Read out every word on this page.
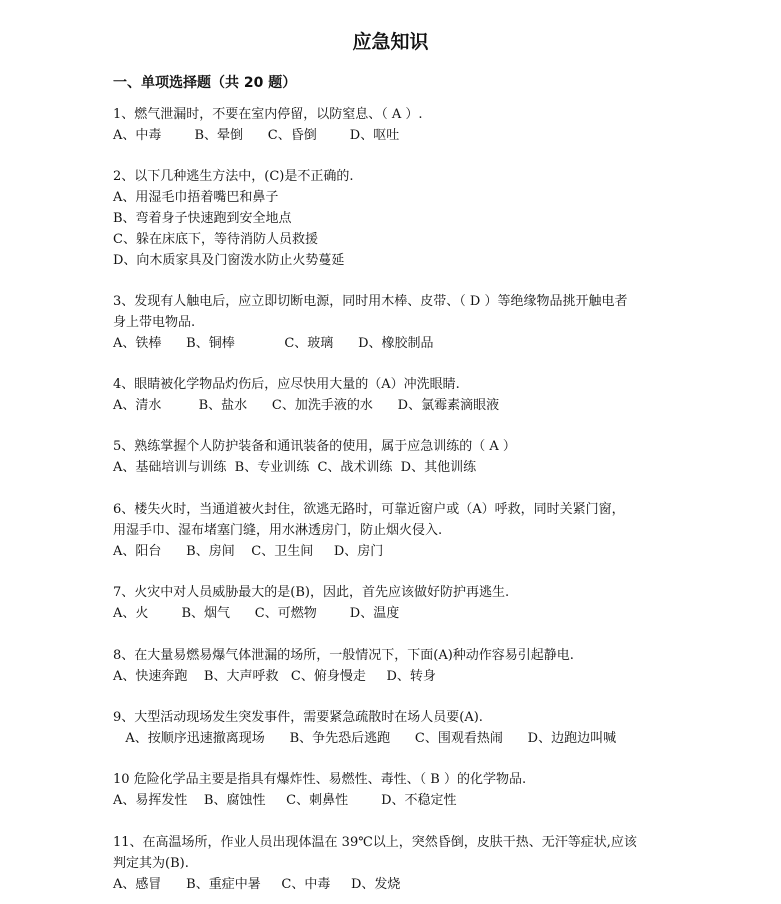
应急知识
一、单项选择题（共 20 题）
1、燃气泄漏时，不要在室内停留，以防窒息、（ A ）.
A、中毒        B、晕倒      C、昏倒        D、呕吐
2、以下几种逃生方法中，(C)是不正确的.
A、用湿毛巾捂着嘴巴和鼻子
B、弯着身子快速跑到安全地点
C、躲在床底下，等待消防人员救援
D、向木质家具及门窗泼水防止火势蔓延
3、发现有人触电后，应立即切断电源，同时用木棒、皮带、（ D ）等绝缘物品挑开触电者
身上带电物品.
A、铁棒      B、铜棒            C、玻璃      D、橡胶制品
4、眼睛被化学物品灼伤后，应尽快用大量的（A）冲洗眼睛.
A、清水         B、盐水      C、加洗手液的水      D、氯霉素滴眼液
5、熟练掌握个人防护装备和通讯装备的使用，属于应急训练的（ A ）
A、基础培训与训练  B、专业训练  C、战术训练  D、其他训练
6、楼失火时，当通道被火封住，欲逃无路时，可靠近窗户或（A）呼救，同时关紧门窗，
用湿手巾、湿布堵塞门缝，用水淋透房门，防止烟火侵入.
A、阳台      B、房间    C、卫生间     D、房门
7、火灾中对人员威胁最大的是(B)，因此，首先应该做好防护再逃生.
A、火        B、烟气      C、可燃物        D、温度
8、在大量易燃易爆气体泄漏的场所，一般情况下，下面(A)种动作容易引起静电.
A、快速奔跑    B、大声呼救   C、俯身慢走     D、转身
9、大型活动现场发生突发事件，需要紧急疏散时在场人员要(A).
A、按顺序迅速撤离现场      B、争先恐后逃跑      C、围观看热闹      D、边跑边叫喊
10 危险化学品主要是指具有爆炸性、易燃性、毒性、（ B ）的化学物品.
A、易挥发性    B、腐蚀性     C、刺鼻性        D、不稳定性
11、在高温场所，作业人员出现体温在 39℃以上，突然昏倒，皮肤干热、无汗等症状,应该
判定其为(B).
A、感冒      B、重症中暑     C、中毒     D、发烧
